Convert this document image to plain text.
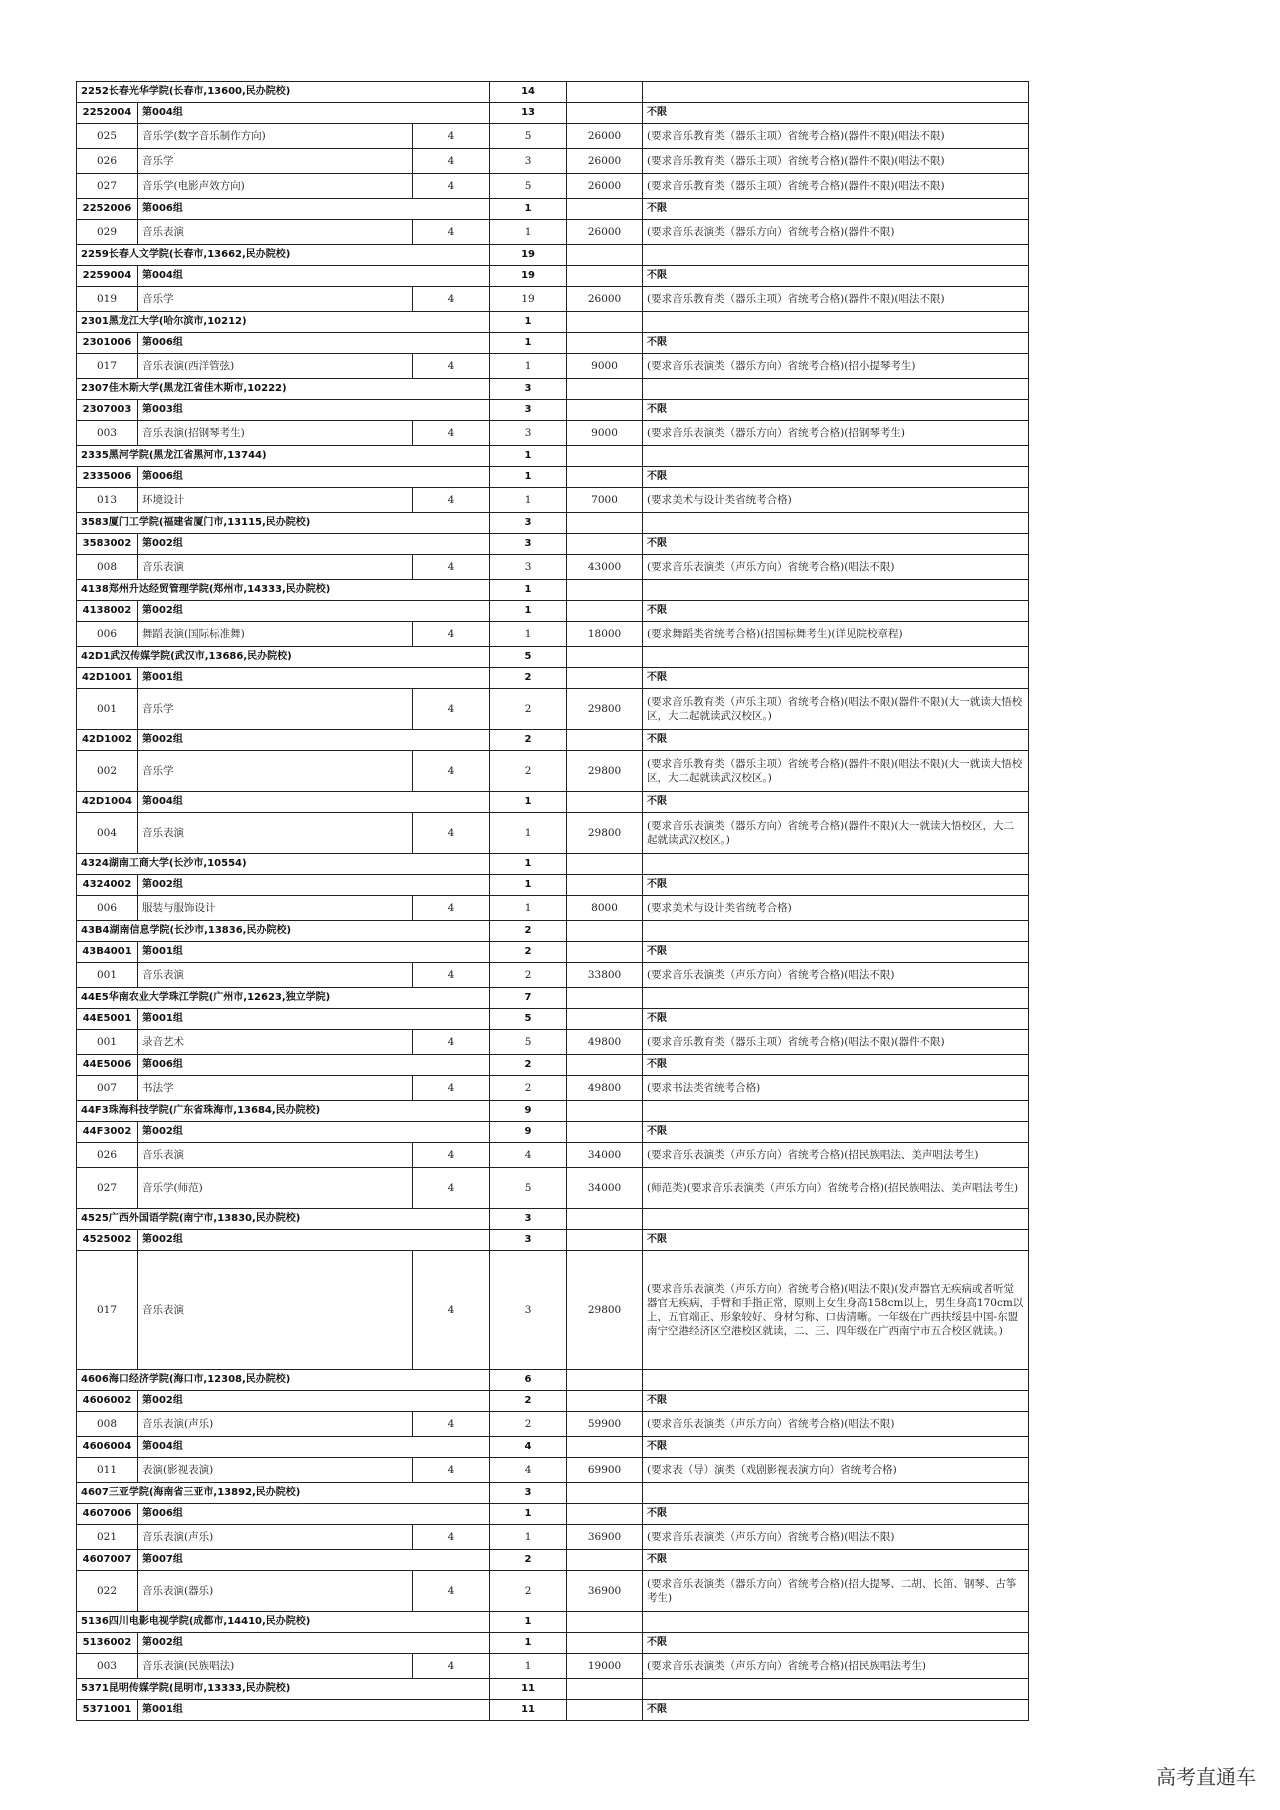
2252长春光华学院(长春市,13600,民办院校)			14		
2252004	第004组		13		不限
025	音乐学(数字音乐制作方向)	4	5	26000	(要求音乐教育类（器乐主项）省统考合格)(器件不限)(唱法不限)
026	音乐学	4	3	26000	(要求音乐教育类（器乐主项）省统考合格)(器件不限)(唱法不限)
027	音乐学(电影声效方向)	4	5	26000	(要求音乐教育类（器乐主项）省统考合格)(器件不限)(唱法不限)
2252006	第006组		1		不限
029	音乐表演	4	1	26000	(要求音乐表演类（器乐方向）省统考合格)(器件不限)
2259长春人文学院(长春市,13662,民办院校)			19		
2259004	第004组		19		不限
019	音乐学	4	19	26000	(要求音乐教育类（器乐主项）省统考合格)(器件不限)(唱法不限)
2301黑龙江大学(哈尔滨市,10212)			1		
2301006	第006组		1		不限
017	音乐表演(西洋管弦)	4	1	9000	(要求音乐表演类（器乐方向）省统考合格)(招小提琴考生)
2307佳木斯大学(黑龙江省佳木斯市,10222)			3		
2307003	第003组		3		不限
003	音乐表演(招钢琴考生)	4	3	9000	(要求音乐表演类（器乐方向）省统考合格)(招钢琴考生)
2335黑河学院(黑龙江省黑河市,13744)			1		
2335006	第006组		1		不限
013	环境设计	4	1	7000	(要求美术与设计类省统考合格)
3583厦门工学院(福建省厦门市,13115,民办院校)			3		
3583002	第002组		3		不限
008	音乐表演	4	3	43000	(要求音乐表演类（声乐方向）省统考合格)(唱法不限)
4138郑州升达经贸管理学院(郑州市,14333,民办院校)			1		
4138002	第002组		1		不限
006	舞蹈表演(国际标准舞)	4	1	18000	(要求舞蹈类省统考合格)(招国标舞考生)(详见院校章程)
42D1武汉传媒学院(武汉市,13686,民办院校)			5		
42D1001	第001组		2		不限
001	音乐学	4	2	29800	(要求音乐教育类（声乐主项）省统考合格)(唱法不限)(器件不限)(大一就读大悟校区，大二起就读武汉校区。)
42D1002	第002组		2		不限
002	音乐学	4	2	29800	(要求音乐教育类（器乐主项）省统考合格)(器件不限)(唱法不限)(大一就读大悟校区，大二起就读武汉校区。)
42D1004	第004组		1		不限
004	音乐表演	4	1	29800	(要求音乐表演类（器乐方向）省统考合格)(器件不限)(大一就读大悟校区，大二起就读武汉校区。)
4324湖南工商大学(长沙市,10554)			1		
4324002	第002组		1		不限
006	服装与服饰设计	4	1	8000	(要求美术与设计类省统考合格)
43B4湖南信息学院(长沙市,13836,民办院校)			2		
43B4001	第001组		2		不限
001	音乐表演	4	2	33800	(要求音乐表演类（声乐方向）省统考合格)(唱法不限)
44E5华南农业大学珠江学院(广州市,12623,独立学院)			7		
44E5001	第001组		5		不限
001	录音艺术	4	5	49800	(要求音乐教育类（器乐主项）省统考合格)(唱法不限)(器件不限)
44E5006	第006组		2		不限
007	书法学	4	2	49800	(要求书法类省统考合格)
44F3珠海科技学院(广东省珠海市,13684,民办院校)			9		
44F3002	第002组		9		不限
026	音乐表演	4	4	34000	(要求音乐表演类（声乐方向）省统考合格)(招民族唱法、美声唱法考生)
027	音乐学(师范)	4	5	34000	(师范类)(要求音乐表演类（声乐方向）省统考合格)(招民族唱法、美声唱法考生)
4525广西外国语学院(南宁市,13830,民办院校)			3		
4525002	第002组		3		不限
017	音乐表演	4	3	29800	(要求音乐表演类（声乐方向）省统考合格)(唱法不限)(发声器官无疾病或者听觉器官无疾病，手臂和手指正常，原则上女生身高158cm以上，男生身高170cm以上，五官端正、形象较好、身材匀称、口齿清晰。一年级在广西扶绥县中国-东盟南宁空港经济区空港校区就读，二、三、四年级在广西南宁市五合校区就读。)
4606海口经济学院(海口市,12308,民办院校)			6		
4606002	第002组		2		不限
008	音乐表演(声乐)	4	2	59900	(要求音乐表演类（声乐方向）省统考合格)(唱法不限)
4606004	第004组		4		不限
011	表演(影视表演)	4	4	69900	(要求表（导）演类（戏剧影视表演方向）省统考合格)
4607三亚学院(海南省三亚市,13892,民办院校)			3		
4607006	第006组		1		不限
021	音乐表演(声乐)	4	1	36900	(要求音乐表演类（声乐方向）省统考合格)(唱法不限)
4607007	第007组		2		不限
022	音乐表演(器乐)	4	2	36900	(要求音乐表演类（器乐方向）省统考合格)(招大提琴、二胡、长笛、钢琴、古筝考生)
5136四川电影电视学院(成都市,14410,民办院校)			1		
5136002	第002组		1		不限
003	音乐表演(民族唱法)	4	1	19000	(要求音乐表演类（声乐方向）省统考合格)(招民族唱法考生)
5371昆明传媒学院(昆明市,13333,民办院校)			11		
5371001	第001组		11		不限
高考直通车
